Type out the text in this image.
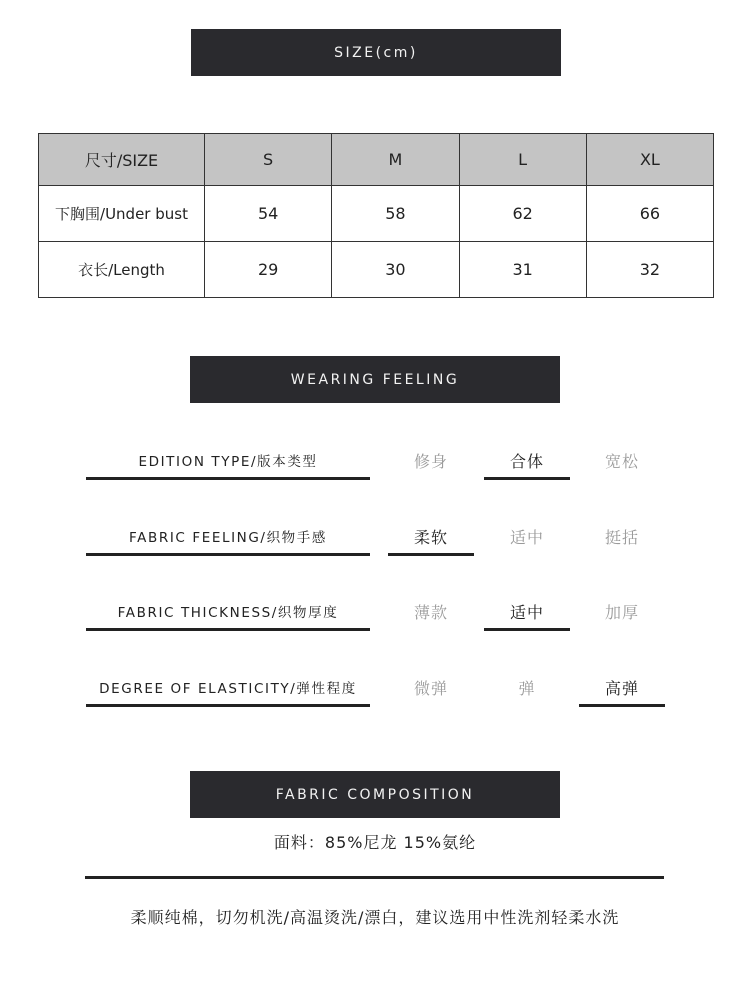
SIZE(cm)
尺寸/SIZE	S	M	L	XL
下胸围/Under bust	54	58	62	66
衣长/Length	29	30	31	32
WEARING FEELING
EDITION TYPE/版本类型	修身	合体	宽松
FABRIC FEELING/织物手感	柔软	适中	挺括
FABRIC THICKNESS/织物厚度	薄款	适中	加厚
DEGREE OF ELASTICITY/弹性程度	微弹	弹	高弹
FABRIC COMPOSITION
面料：85%尼龙 15%氨纶
柔顺纯棉，切勿机洗/高温烫洗/漂白，建议选用中性洗剂轻柔水洗
